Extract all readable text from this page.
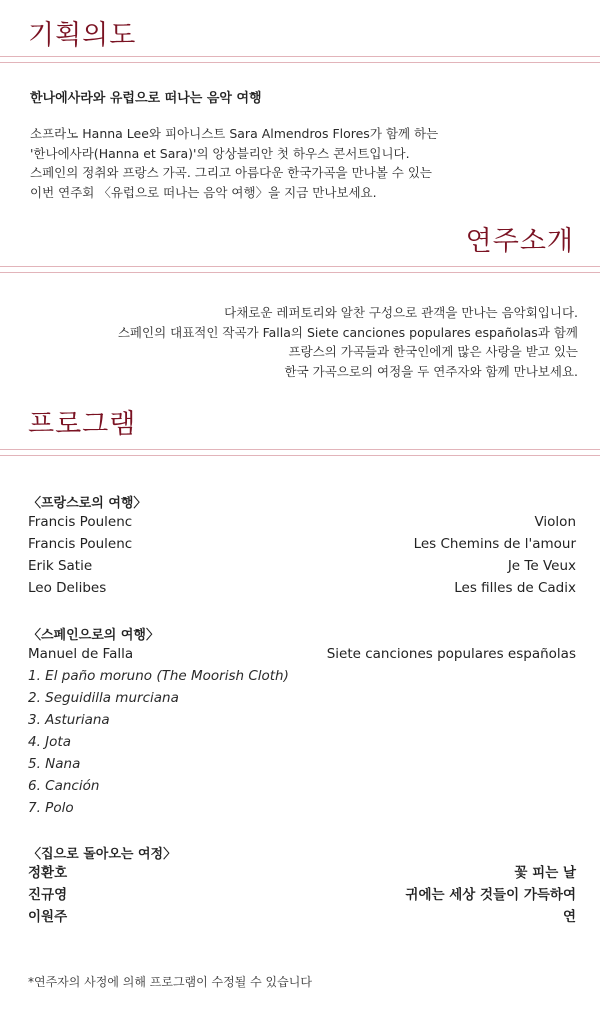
기획의도
한나에사라와 유럽으로 떠나는 음악 여행
소프라노 Hanna Lee와 피아니스트 Sara Almendros Flores가 함께 하는
'한나에사라(Hanna et Sara)'의 앙상블리안 첫 하우스 콘서트입니다.
스페인의 정취와 프랑스 가곡. 그리고 아름다운 한국가곡을 만나볼 수 있는
이번 연주회 〈유럽으로 떠나는 음악 여행〉을 지금 만나보세요.
연주소개
다채로운 레퍼토리와 알찬 구성으로 관객을 만나는 음악회입니다.
스페인의 대표적인 작곡가 Falla의 Siete canciones populares españolas과 함께
프랑스의 가곡들과 한국인에게 많은 사랑을 받고 있는
한국 가곡으로의 여정을 두 연주자와 함께 만나보세요.
프로그램
〈프랑스로의 여행〉
Francis Poulenc	Violon
Francis Poulenc	Les Chemins de l'amour
Erik Satie	Je Te Veux
Leo Delibes	Les filles de Cadix
〈스페인으로의 여행〉
Manuel de Falla	Siete canciones populares españolas
1. El paño moruno (The Moorish Cloth)
2. Seguidilla murciana
3. Asturiana
4. Jota
5. Nana
6. Canción
7. Polo
〈집으로 돌아오는 여정〉
정환호	꽃 피는 날
진규영	귀에는 세상 것들이 가득하여
이원주	연
*연주자의 사정에 의해 프로그램이 수정될 수 있습니다
